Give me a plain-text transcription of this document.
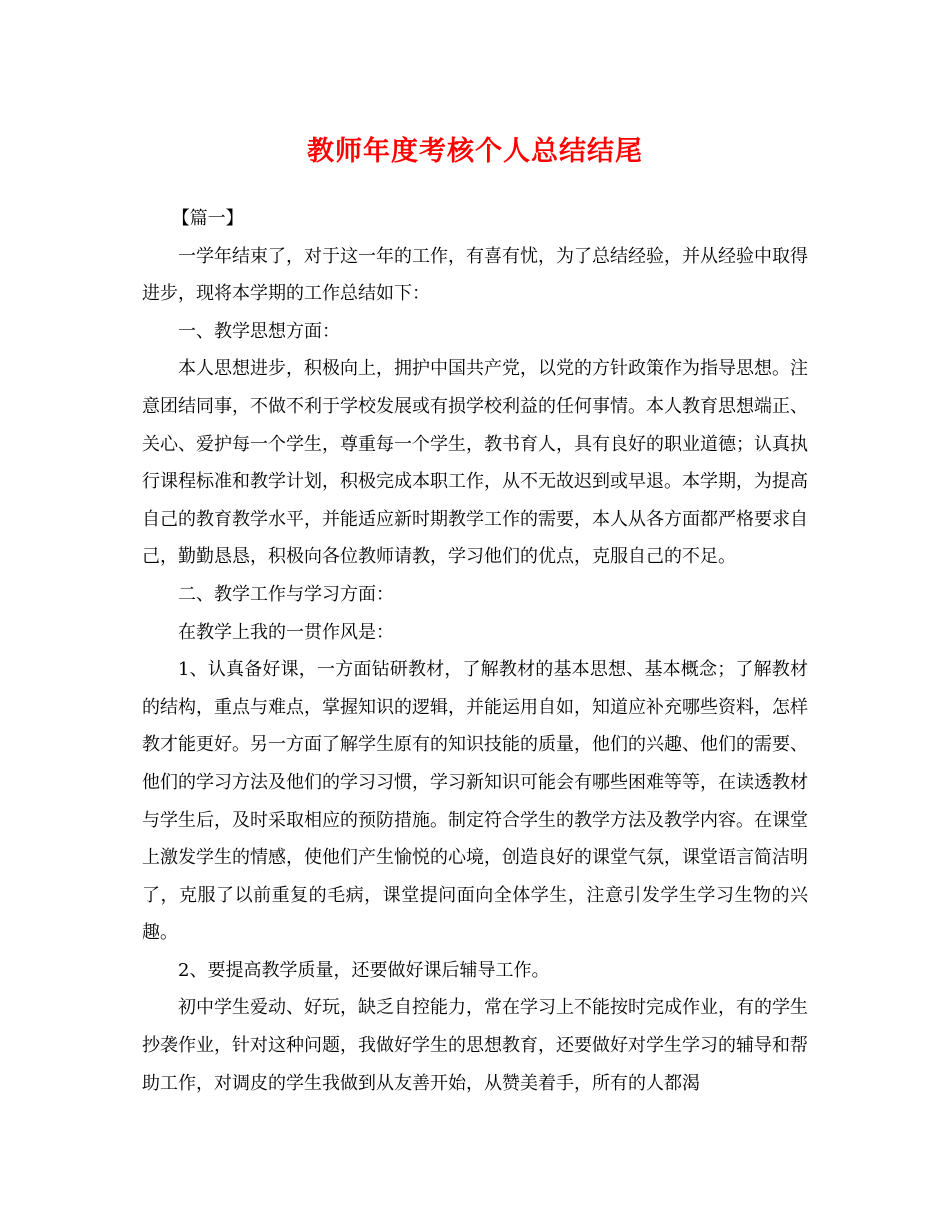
教师年度考核个人总结结尾

【篇一】

一学年结束了，对于这一年的工作，有喜有忧，为了总结经验，并从经验中取得进步，现将本学期的工作总结如下：

一、教学思想方面：

本人思想进步，积极向上，拥护中国共产党，以党的方针政策作为指导思想。注意团结同事，不做不利于学校发展或有损学校利益的任何事情。本人教育思想端正、关心、爱护每一个学生，尊重每一个学生，教书育人，具有良好的职业道德；认真执行课程标准和教学计划，积极完成本职工作，从不无故迟到或早退。本学期，为提高自己的教育教学水平，并能适应新时期教学工作的需要，本人从各方面都严格要求自己，勤勤恳恳，积极向各位教师请教，学习他们的优点，克服自己的不足。

二、教学工作与学习方面：

在教学上我的一贯作风是：

1、认真备好课，一方面钻研教材，了解教材的基本思想、基本概念；了解教材的结构，重点与难点，掌握知识的逻辑，并能运用自如，知道应补充哪些资料，怎样教才能更好。另一方面了解学生原有的知识技能的质量，他们的兴趣、他们的需要、他们的学习方法及他们的学习习惯，学习新知识可能会有哪些困难等等，在读透教材与学生后，及时采取相应的预防措施。制定符合学生的教学方法及教学内容。在课堂上激发学生的情感，使他们产生愉悦的心境，创造良好的课堂气氛，课堂语言简洁明了，克服了以前重复的毛病，课堂提问面向全体学生，注意引发学生学习生物的兴趣。

2、要提高教学质量，还要做好课后辅导工作。

初中学生爱动、好玩，缺乏自控能力，常在学习上不能按时完成作业，有的学生抄袭作业，针对这种问题，我做好学生的思想教育，还要做好对学生学习的辅导和帮助工作，对调皮的学生我做到从友善开始，从赞美着手，所有的人都渴
